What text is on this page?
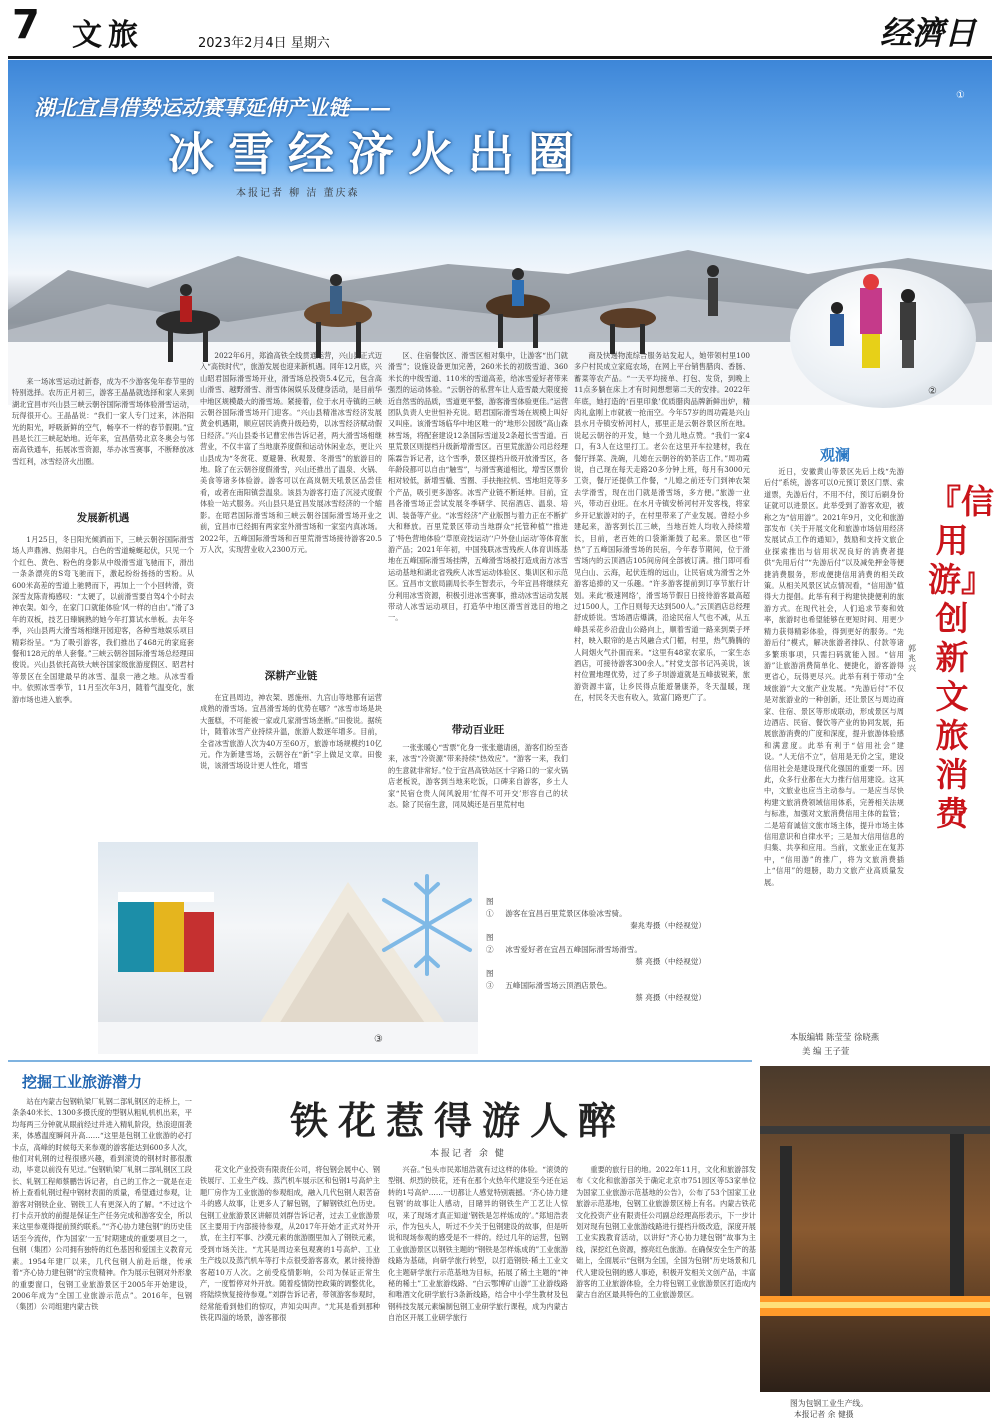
7 文旅	2023年2月4日 星期六	经濟日
①
湖北宜昌借势运动赛事延伸产业链——
冰雪经济火出圈
本报记者 柳 洁 董庆森
②

来一场冰雪运动过新春，成为不少游客兔年春节里的特别选择。农历正月初三，游客王晶晶就选择和家人来到湖北宜昌市兴山县三峡云朝谷国际滑雪场体验滑雪运动，玩得很开心。王晶晶说：“我们一家人专门过来，沐浴阳光的阳光，呼吸新鲜的空气，畅享不一样的春节假期。”宜昌是长江三峡起始地。近年来，宜昌借势北京冬奥会与邻南高铁通车，拓展冰雪资源，举办冰雪赛事，不断释放冰雪红利，冰雪经济火出圈。

发展新机遇

1月25日，冬日阳光倾洒而下，三峡云朝谷国际滑雪场人声鼎沸、热闹非凡，白色的雪道蜿蜒起伏，只见一个个红色、黄色、粉色的身影从中级滑雪道飞驰而下，滑出一条条漂亮的S弯飞驰而下，激起纷纷扬扬的雪粉。从600米高差的雪道上驰骋而下，再加上一个小回转滑，资深雪友陈青梅感叹：“太硬了，以前滑雪要自驾4个小时去神农架。如今，在家门口就能体验‘风一样的自由’。”滑了3年的双板，技艺日臻娴熟的她今年打算试水单板。去年冬季，兴山县两大滑雪场相继开园迎客，各种雪地娱乐项目精彩纷呈。“为了吸引游客，我们推出了468元的家庭套餐和128元的单人套餐。”三峡云朝谷国际滑雪场总经理田俊说。兴山县依托高铁大峡谷国家级旅游度假区、昭君村等景区在全国建最早的冰雪、温泉一港之地。从冰雪看中。依照冰雪季节，11月至次年3月，随着气温变化，旅游市场也进入旅季。

2022年6月，郑渝高铁全线贯通运营，兴山县正式迈入“高铁时代”，旅游发展也迎来新机遇。同年12月底，兴山昭君国际滑雪场开业，滑雪场总投资5.4亿元，包含高山滑雪、越野滑雪、滑雪体闲娱乐及健身活动，是目前华中地区规模最大的滑雪场。紧接着，位于水月寺镇的三峡云朝谷国际滑雪场开门迎客。“兴山县精准冰雪经济发展黄金机遇期，顺应居民消费升级趋势，以冰雪经济赋动假日经济。”兴山县委书记曹宏伟告诉记者，两大滑雪场相继营业，不仅丰富了当地康养度假和运动休闲业态，更让兴山县成为“冬赏花、夏避暑、秋观景、冬滑雪”的旅游目的地。除了在云朝谷度假滑雪，兴山还推出了温泉、火锅、美食等诸多体验游。游客可以在高岚朝天吼景区品尝佳肴，或者在南阳镇尝温泉。该县为游客打造了沉浸式度假体验一站式服务。兴山县只是宜昌发展冰雪经济的一个缩影。在昭君国际滑雪场和三峡云朝谷国际滑雪场开业之前，宜昌市已经拥有两家室外滑雪场和一家室内真冰场。2022年，五峰国际滑雪场和百里荒滑雪场接待游客20.5万人次，实现营业收入2300万元。

深耕产业链

在宜昌周边，神农架、恩施州、九宫山等地都有运营成熟的滑雪场。宜昌滑雪场的优势在哪？“冰雪市场是块大蛋糕，不可能被一家或几家滑雪场垄断。”田俊说。据统计，随着冰雪产业持续升温，旅游人数逐年增多。目前，全省冰雪旅游人次为40万至60万，旅游市场规模约10亿元。作为新建雪场，云朝谷在“新”字上做足文章。田俊说，该滑雪场设计更人性化，增雪

区、住宿餐饮区、滑雪区相对集中，让游客“出门就滑雪”；设施设备更加完善，260米长的初级雪道、360米长的中级雪道、110米的雪道高差，给冰雪爱好者带来强烈的运动体验。“云朝谷的私营车让人造雪最大限度接近自然雪的品质，雪道更平整，游客滑雪体验更佳。”运营团队负责人史世恒补充说。昭君国际滑雪场在规模上叫好又叫座。该滑雪场临华中地区唯一的“地形公园级”高山森林雪场，将配套建设12条国际雪道及2条超长雪雪道。百里荒景区则提档升级新增滑雪区。百里荒旅游公司总经理陈霖告诉记者，这个雪季，景区提档升级开放滑雪区，各年龄段都可以自由“触雪”，与滑雪赛道相比，增雪区票价相对较低，新增雪橇、雪圈、手扶拖拉机、雪地坦克等多个产品，吸引更多游客。冰雪产业链不断延伸。目前，宜昌各滑雪场正尝试发展冬季研学、民宿酒店、温泉、培训、装备等产业。“冰雪经济”产业版图与着力正在不断扩大和释放。百里荒景区带动当地群众“托管种植”“推进了‘特色营地体验’‘草原竞技运动’‘户外登山运动’等体育旅游产品；2021年年初，中国残联冰雪残疾人体育训练基地在五峰国际滑雪场挂牌，五峰滑雪场被打造成南方冰雪运动基地和湖北省残疾人冰雪运动体验区、集训区和示范区。宜昌市文旅局副局长李生智表示，今年宜昌将继续充分利用冰雪资源，积极引进冰雪赛事，推动冰雪运动发展带动人冰雪运动项目，打造华中地区滑雪首选目的地之一。

带动百业旺

一张张暖心“雪票”化身一张张邀请函，游客们纷至沓来，冰雪“冷资源”带来持续“热效应”。“游客一来，我们的生意就非常好。”位于宜昌高铁站区十字路口的一家火锅店老板说，游客到当地来吃饭，口碑来自游客，乡土人家“民宿仓贵人间风貌用‘忙得不可开交’形容自己的状态。除了民宿生意，同凤姨还是百里荒村电

商及快递物流综合服务站发起人，她带领村里100多户村民成立家庭农场，在网上平台销售腊肉、香肠、蓄菜等农产品。“一天平均接单、打包、发货，到晚上11点多躺在床上才有时间想想第二天的安排。2022年年底，她打造的‘百里印象’优质腊肉品牌新鲜出炉，精肉礼盒刚上市就被一抢而空。今年57岁的周功霞是兴山县水月寺镇安桥河村人，那里正是云朝谷景区所在地。说起云朝谷的开发，她一个劲儿地点赞。“我们一家4口，有3人在这里打工。老公在这里开车拉建材，我在餐厅择菜、洗碗，儿媳在云朝谷的奶茶店工作。”周功霞说，自己现在每天走路20多分钟上班，每月有3000元工资，餐厅还提供工作餐，“儿媳之前还专门到神农架去学滑雪，现在出门就是滑雪场，多方便。”旅游一业兴，带动百业旺。在水月寺镇安桥河村开发客栈，将家乡开记旅游对的子，在村里带来了产业发展。曾经小乡建起来，游客到长江三峡，当地百姓人均收入持续增长，目前，老百姓的口袋渐渐鼓了起来。景区也“带热”了五峰国际滑雪场的民宿，今年春节期间，位于滑雪场内的云顶酒店105间房间全部被订满。推门即可看见白山、云海，起伏连绵的远山，让民宿成为滑雪之外游客追捧的又一乐趣。“许多游客提前到订享节旅行计划。来此‘极速网络’，滑雪场节假日日接待游客最高超过1500人，工作日则每天达到500人。”云顶酒店总经理舒成娇说。雪场酒店爆满，沿途民宿人气也不减，从五峰县采花乡沿盘山公路向上，顺着雪道一路来到栗子坪村，映入眼帘的是古风融合式门楣，村里，热气腾腾的人间烟火气扑面而来。“这里有48家农家乐，一家生态酒店，可接待游客300余人。”村党支部书记冯美说，该村位置地理优势，过了乡子坝游道就是五峰拔锐莱，旅游资源丰富，让乡民得点能遊暑康养，冬天温暖，现在，村民冬天也有收入，致富门路更广了。

③
图① 游客在宜昌百里荒景区体验冰雪骑。
秦兆寿摄（中经视觉）
图② 冰雪爱好者在宜昌五峰国际滑雪场滑雪。
蔡 亮摄（中经视觉）
图③ 五峰国际滑雪场云顶酒店景色。
蔡 亮摄（中经视觉）
观澜
『信用游』创新文旅消费
郭兆兴

近日，安徽黄山等景区先后上线“先游后付”系统，游客可以0元预订景区门票、索道票，先游后付，不用不付，预订后刷身份证就可以进景区。此举受到了游客欢迎，被称之为“信用游”。2021年9月，文化和旅游部发布《关于开展文化和旅游市场信用经济发展试点工作的通知》，鼓励和支持文旅企业探索推出与信用状况良好的消费者提供“先用后付”“先游后付”以及减免押金等便捷消费服务，形成便捷信用消费的相关政策。从相关风景区试点情况看，“信用游”值得大力提倡。此举有利于构建快捷便利的旅游方式。在现代社会，人们追求节奏和效率，旅游时也希望能够在更短时间、用更少精力获得精彩体验，得到更好的服务。“先游后付”模式，解决旅游者排队、付款等诸多繁琐事项，只需扫码就能入园。“信用游”让旅游消费简单化、便捷化，游客游得更省心，玩得更尽兴。此举有利于带动“全域旅游”大文旅产业发展。“先游后付”不仅是对旅游业的一种创新，还让景区与周边商家、住宿、景区等形成联动，形成景区与周边酒店、民宿、餐饮等产业的协同发展，拓展旅游消费的广度和深度，提升旅游体验感和满意度。此举有利于“信用社会”建设。“人无信不立”，信用是无价之宝，建设信用社会是建设现代化强国的重要一环。因此，众多行业都在大力推行信用建设。这其中，文旅业也应当主动参与。一是应当尽快构建文旅消费领域信用体系，完善相关法规与标准，加强对文旅消费信用主体的监管；二是培育诚信文旅市场主体，提升市场主体信用意识和自律水平；三是加大信用信息的归集、共享和应用。当前，文旅业正在复苏中，“信用游”的推广，将为文旅消费插上“信用”的翅膀，助力文旅产业高质量发展。

本版编辑 陈莹莹 徐晓燕
美 编 王子萱
挖掘工业旅游潜力
铁花惹得游人醉
本报记者 余 健

站在内蒙古包钢轨梁厂轧钢二部轧钢区的走桥上，一条条40米长、1300多摄氏度的型钢从粗轧机机出来，平均每两三分钟就从眼前经过并进入精轧阶段，热浪迎面袭来，体感温度瞬间升高……“这里是包钢工业旅游的必打卡点，高峰的时候每天来参观的游客能达到600多人次，他们对轧钢的过程很感兴趣，看到滚烫的钢材时都很激动，毕竟以前没有见过。”包钢轨梁厂轧钢二部轧钢区工段长、轧钢工程师蔡鹏告诉记者，自己的工作之一就是在走桥上查看轧钢过程中钢材表面的质量，希望通过参观，让游客对钢铁企业、钢铁工人有更深入的了解。“不过这个打卡点开放的前提是保证生产任务完成和游客安全，所以来这里参观得提前预约联系。”“齐心协力建包钢”的历史佳话至今流传，作为国家‘一五’时期建成的重要项目之一，包钢（集团）公司拥有独特的红色基因和爱国主义教育元素。1954年建厂以来，几代包钢人前赴后继，传承着“齐心协力建包钢”的宝贵精神。作为展示包钢对外形象的重要窗口，包钢工业旅游景区于2005年开始建设，2006年成为“全国工业旅游示范点”。2016年，包钢（集团）公司组建内蒙古铁

花文化产业投资有限责任公司，将包钢会展中心、钢铁展厅、工业生产线、蒸汽机车展示区和包钢1号高炉主题厂房作为工业旅游的参观组成，融入几代包钢人艰苦奋斗的感人故事，让更多人了解包钢，了解钢铁红色历史。包钢工业旅游景区讲解员刘群告诉记者，过去工业旅游景区主要用于内部接待参观，从2017年开始才正式对外开放，在主打军事、沙漠元素的旅游圈里加入了钢铁元素，受到市场关注。“尤其是周边来包观赛的1号高炉、工业生产线以及蒸汽机车等打卡点很受游客喜欢，累计接待游客超10万人次。之前受疫情影响，公司为保证正常生产，一度暂停对外开放。随着疫情防控政策的调整优化，将陆续恢复接待参观。”刘群告诉记者，带领游客参观时，经常能看到他们的惊叹，声知尖叫声。“尤其是看到那种铁花四溢的场景，游客都很

兴奋。”包头市民郑旭浩就有过这样的体验。“滚烫的型钢、炽烈的铁花，还有在那个火热年代建设至今还在运转的1号高炉……一切都让人感觉特别震撼。‘齐心协力建包钢’的故事让人感动，目睹异的钢铁生产工艺让人惊叹，来了现场才真正知道‘钢铁是怎样炼成的’。”郑旭浩表示，作为包头人，听过不少关于包钢建设的故事，但是听说和现场参观的感受是不一样的。经过几年的运营，包钢工业旅游景区以钢铁主题的“钢铁是怎样炼成的”工业旅游线路为基础，向研学旅行转型，以打造钢铁·稀土工业文化主题研学旅行示范基地为目标，拓展了稀土主题的“神秘的稀土”工业旅游线路、“白云鄂博矿山游”工业游线路和唯酒文化研学旅行3条新线路，结合中小学生教材及包钢科技发展元素编制包钢工业研学旅行课程，成为内蒙古自治区开展工业研学旅行

重要的旅行目的地。2022年11月，文化和旅游部发布《文化和旅游部关于确定北京市751园区等53家单位为国家工业旅游示范基地的公告》，公布了53个国家工业旅游示范基地，包钢工业旅游景区榜上有名。内蒙古铁花文化投资产业有限责任公司副总经理高彤表示，下一步计划对现有包钢工业旅游线路进行提档升级改造，深度开展工业实践教育活动，以讲好“齐心协力建包钢”故事为主线，深挖红色资源，擦亮红色旅游。在确保安全生产的基础上，全面展示“包钢为全国，全国为包钢”历史场景和几代人建设包钢的感人事迹，积极开发相关文创产品，丰富游客的工业旅游体验，全力将包钢工业旅游景区打造成内蒙古自治区最具特色的工业旅游景区。

图为包钢工业生产线。
本报记者 余 健摄
